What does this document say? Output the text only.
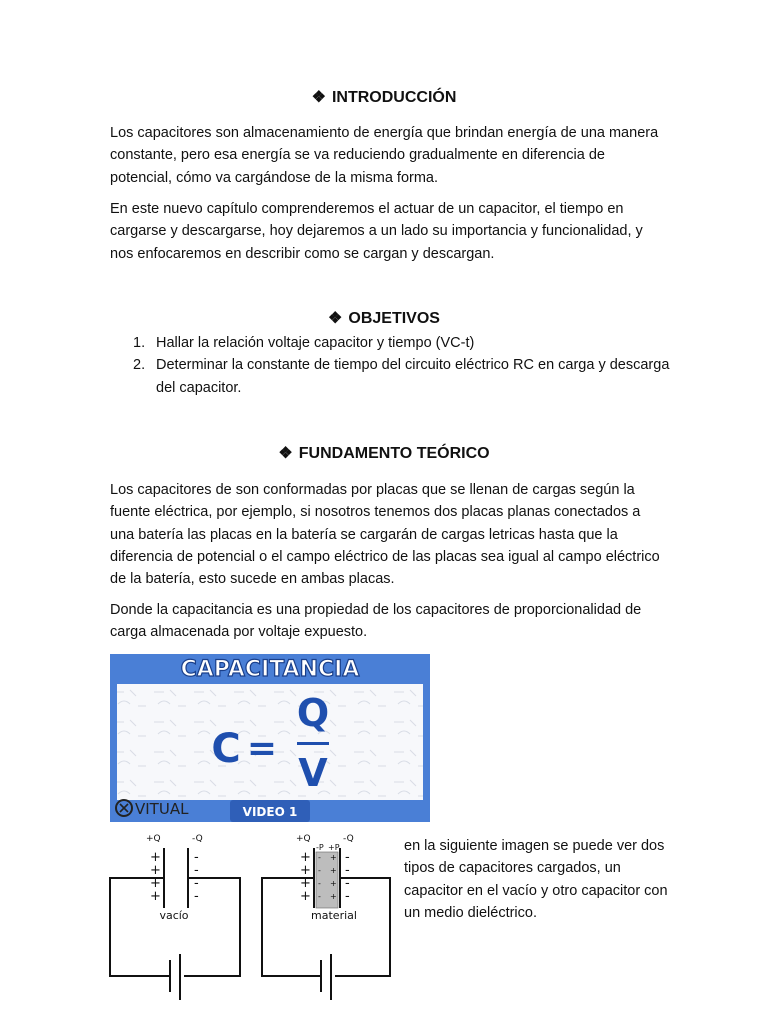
❖ INTRODUCCIÓN

Los capacitores son almacenamiento de energía que brindan energía de una manera constante, pero esa energía se va reduciendo gradualmente en diferencia de potencial, cómo va cargándose de la misma forma.

En este nuevo capítulo comprenderemos el actuar de un capacitor, el tiempo en cargarse y descargarse, hoy dejaremos a un lado su importancia y funcionalidad, y nos enfocaremos en describir como se cargan y descargan.

❖ OBJETIVOS
1. Hallar la relación voltaje capacitor y tiempo (VC-t)
2. Determinar la constante de tiempo del circuito eléctrico RC en carga y descarga del capacitor.
❖ FUNDAMENTO TEÓRICO

Los capacitores de son conformadas por placas que se llenan de cargas según la fuente eléctrica, por ejemplo, si nosotros tenemos dos placas planas conectados a una batería las placas en la batería se cargarán de cargas letricas hasta que la diferencia de potencial o el campo eléctrico de las placas sea igual al campo eléctrico de la batería, esto sucede en ambas placas.

Donde la capacitancia es una propiedad de los capacitores de proporcionalidad de carga almacenada por voltaje expuesto.

CAPACITANCIA
C =
Q
V
VITUAL	VIDEO 1
+Q	-Q
+
+
+
+
-
-
-
-
vacío
+Q	-Q
-P +P
+
+
+
+
-
-
-
-
-
-
-
-
+
+
+
+
material

en la siguiente imagen se puede ver dos tipos de capacitores cargados, un capacitor en el vacío y otro capacitor con un medio dieléctrico.
